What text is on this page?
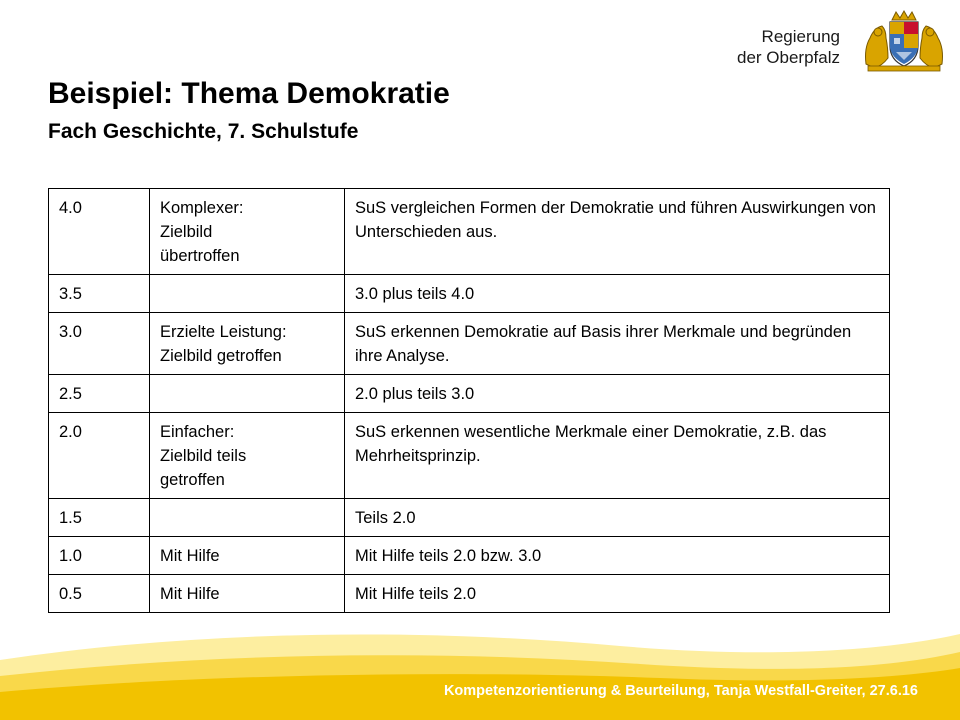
Regierung
der Oberpfalz
Beispiel: Thema Demokratie
Fach Geschichte, 7. Schulstufe
4.0	Komplexer:
Zielbild
übertroffen	SuS vergleichen Formen der Demokratie und führen Auswirkungen von Unterschieden aus.
3.5		3.0 plus teils 4.0
3.0	Erzielte Leistung:
Zielbild getroffen	SuS erkennen Demokratie auf Basis ihrer Merkmale und begründen ihre Analyse.
2.5		2.0 plus teils 3.0
2.0	Einfacher:
Zielbild teils
getroffen	SuS erkennen wesentliche Merkmale einer Demokratie, z.B. das Mehrheitsprinzip.
1.5		Teils 2.0
1.0	Mit Hilfe	Mit Hilfe teils 2.0 bzw. 3.0
0.5	Mit Hilfe	Mit Hilfe teils 2.0
Kompetenzorientierung & Beurteilung, Tanja Westfall-Greiter, 27.6.16
